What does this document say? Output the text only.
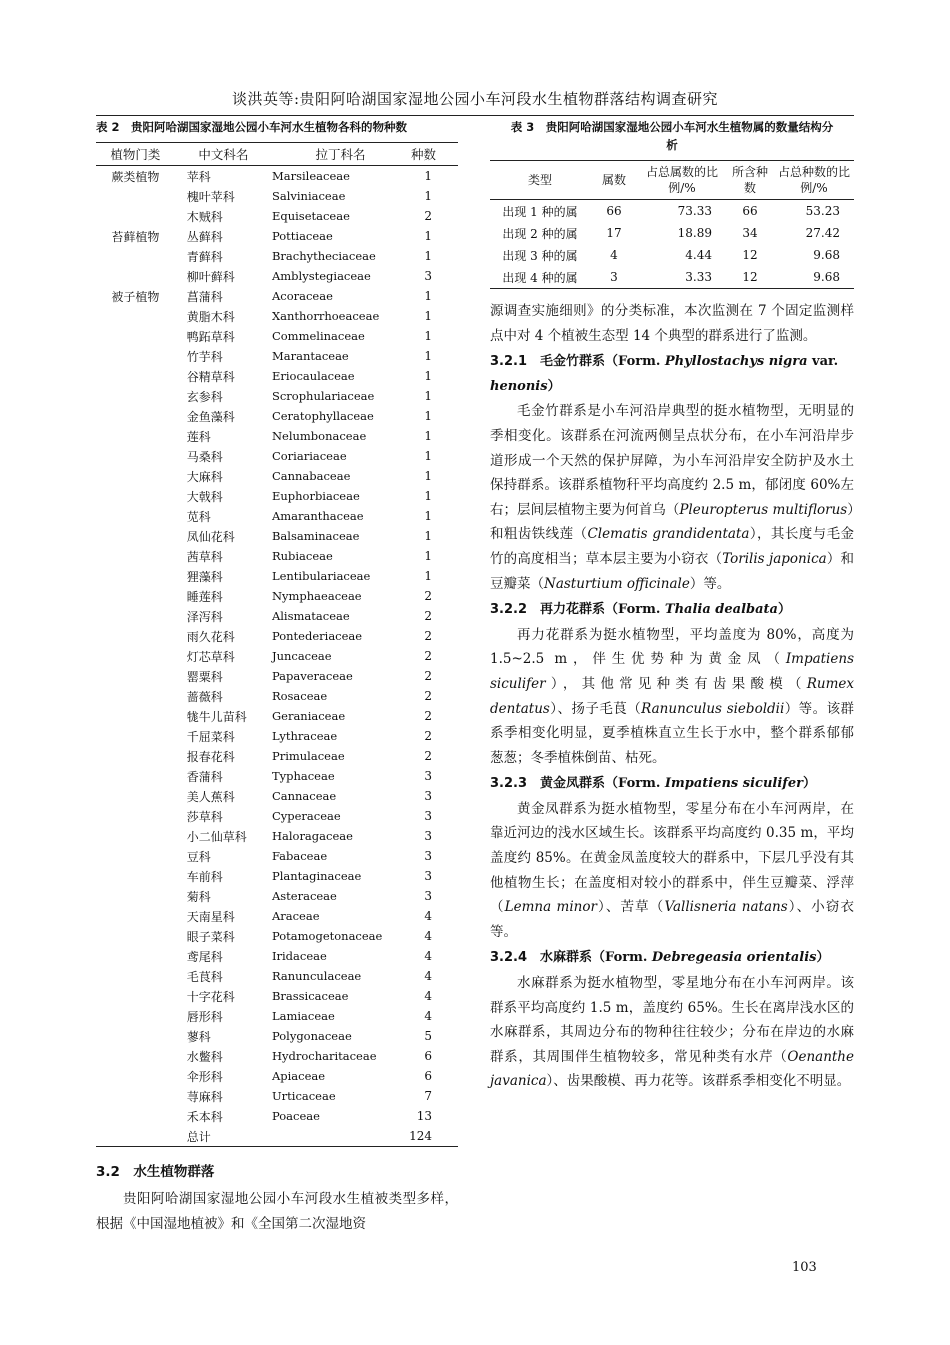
谈洪英等:贵阳阿哈湖国家湿地公园小车河段水生植物群落结构调查研究
表 2　贵阳阿哈湖国家湿地公园小车河水生植物各科的物种数
植物门类	中文科名	拉丁科名	种数
蕨类植物	苹科	Marsileaceae	1
	槐叶苹科	Salviniaceae	1
	木贼科	Equisetaceae	2
苔藓植物	丛藓科	Pottiaceae	1
	青藓科	Brachytheciaceae	1
	柳叶藓科	Amblystegiaceae	3
被子植物	菖蒲科	Acoraceae	1
	黄脂木科	Xanthorrhoeaceae	1
	鸭跖草科	Commelinaceae	1
	竹芋科	Marantaceae	1
	谷精草科	Eriocaulaceae	1
	玄参科	Scrophulariaceae	1
	金鱼藻科	Ceratophyllaceae	1
	莲科	Nelumbonaceae	1
	马桑科	Coriariaceae	1
	大麻科	Cannabaceae	1
	大戟科	Euphorbiaceae	1
	苋科	Amaranthaceae	1
	凤仙花科	Balsaminaceae	1
	茜草科	Rubiaceae	1
	狸藻科	Lentibulariaceae	1
	睡莲科	Nymphaeaceae	2
	泽泻科	Alismataceae	2
	雨久花科	Pontederiaceae	2
	灯芯草科	Juncaceae	2
	罂粟科	Papaveraceae	2
	蔷薇科	Rosaceae	2
	牻牛儿苗科	Geraniaceae	2
	千屈菜科	Lythraceae	2
	报春花科	Primulaceae	2
	香蒲科	Typhaceae	3
	美人蕉科	Cannaceae	3
	莎草科	Cyperaceae	3
	小二仙草科	Haloragaceae	3
	豆科	Fabaceae	3
	车前科	Plantaginaceae	3
	菊科	Asteraceae	3
	天南星科	Araceae	4
	眼子菜科	Potamogetonaceae	4
	鸢尾科	Iridaceae	4
	毛茛科	Ranunculaceae	4
	十字花科	Brassicaceae	4
	唇形科	Lamiaceae	4
	蓼科	Polygonaceae	5
	水鳖科	Hydrocharitaceae	6
	伞形科	Apiaceae	6
	荨麻科	Urticaceae	7
	禾本科	Poaceae	13
	总计		124
3.2　水生植物群落

贵阳阿哈湖国家湿地公园小车河段水生植被类型多样，根据《中国湿地植被》和《全国第二次湿地资

表 3　贵阳阿哈湖国家湿地公园小车河水生植物属的数量结构分析
类型	属数	占总属数的比例/%	所含种数	占总种数的比例/%
出现 1 种的属	66	73.33	66	53.23
出现 2 种的属	17	18.89	34	27.42
出现 3 种的属	4	4.44	12	9.68
出现 4 种的属	3	3.33	12	9.68

源调查实施细则》的分类标准，本次监测在 7 个固定监测样点中对 4 个植被生态型 14 个典型的群系进行了监测。

3.2.1　 毛金竹群系（Form. Phyllostachys nigra var. henonis）

毛金竹群系是小车河沿岸典型的挺水植物型，无明显的季相变化。该群系在河流两侧呈点状分布，在小车河沿岸步道形成一个天然的保护屏障，为小车河沿岸安全防护及水土保持群系。该群系植物秆平均高度约 2.5 m，郁闭度 60%左右；层间层植物主要为何首乌（Pleuropterus multiflorus）和粗齿铁线莲（Clematis grandidentata），其长度与毛金竹的高度相当；草本层主要为小窃衣（Torilis japonica）和豆瓣菜（Nasturtium officinale）等。

3.2.2　 再力花群系（Form. Thalia dealbata）

再力花群系为挺水植物型，平均盖度为 80%，高度为 1.5~2.5 m，伴生优势种为黄金凤（Impatiens siculifer），其他常见种类有齿果酸模（Rumex dentatus）、扬子毛茛（Ranunculus sieboldii）等。该群系季相变化明显，夏季植株直立生长于水中，整个群系郁郁葱葱；冬季植株倒苗、枯死。

3.2.3　 黄金凤群系（Form. Impatiens siculifer）

黄金凤群系为挺水植物型，零星分布在小车河两岸，在靠近河边的浅水区域生长。该群系平均高度约 0.35 m，平均盖度约 85%。在黄金凤盖度较大的群系中，下层几乎没有其他植物生长；在盖度相对较小的群系中，伴生豆瓣菜、浮萍（Lemna minor）、苦草（Vallisneria natans）、小窃衣等。

3.2.4　 水麻群系（Form. Debregeasia orientalis）

水麻群系为挺水植物型，零星地分布在小车河两岸。该群系平均高度约 1.5 m，盖度约 65%。生长在离岸浅水区的水麻群系，其周边分布的物种往往较少；分布在岸边的水麻群系，其周围伴生植物较多，常见种类有水芹（Oenanthe javanica）、齿果酸模、再力花等。该群系季相变化不明显。

103
